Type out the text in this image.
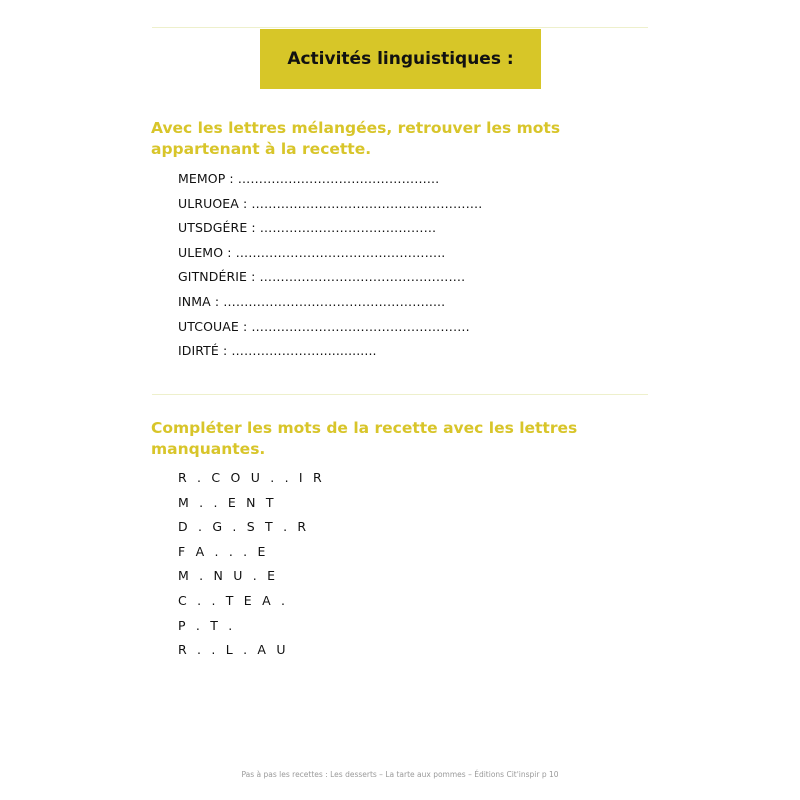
Activités linguistiques :
Avec les lettres mélangées, retrouver les mots appartenant à la recette.
MEMOP : …………………………………………
ULRUOEA : ……………………………………………….
UTSDGÉRE : ……………………………………
ULEMO : …………………………………………..
GITNDÉRIE : ………………………………………….
INMA : ………………………………………….....
UTCOUAE : …………………………………………….
IDIRTÉ : …………………..............
Compléter les mots de la recette avec les lettres manquantes.
R . C O U . . I R
M . . E N T
D . G . S T . R
F A . . . E
M . N U . E
C . . T E A .
P . T .
R . . L . A U
Pas à pas les recettes : Les desserts – La tarte aux pommes – Éditions Cit'inspir p 10
